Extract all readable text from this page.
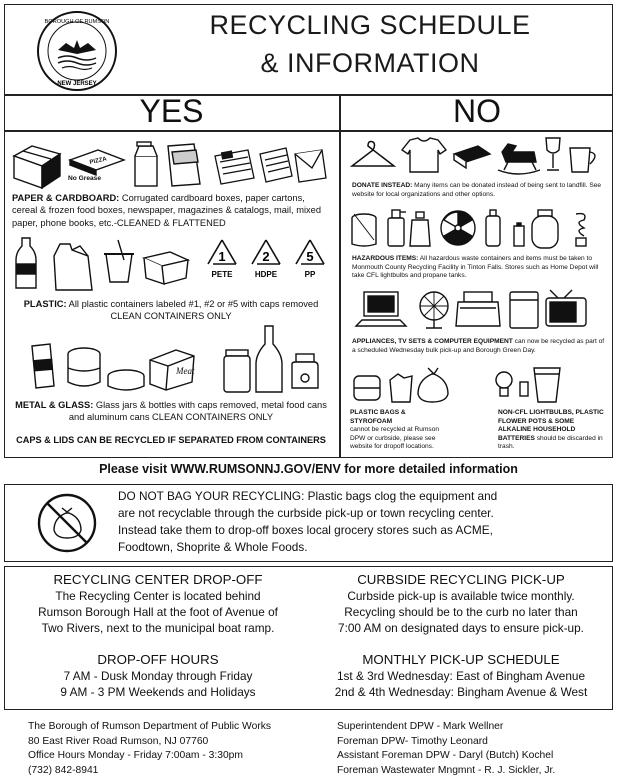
BOROUGH OF RUMSON
NEW JERSEY
RECYCLING SCHEDULE
& INFORMATION
YES	NO
PIZZA
No Grease
PAPER & CARDBOARD: Corrugated cardboard boxes, paper cartons, cereal & frozen food boxes, newspaper, magazines & catalogs, mail, mixed paper, phone books, etc.-CLEANED & FLATTENED
1	2	5
PETE	HDPE	PP
PLASTIC: All plastic containers labeled #1, #2 or #5 with caps removed
CLEAN CONTAINERS ONLY
Meat
METAL & GLASS: Glass jars & bottles with caps removed, metal food cans and aluminum cans CLEAN CONTAINERS ONLY
CAPS & LIDS CAN BE RECYCLED IF SEPARATED FROM CONTAINERS
DONATE INSTEAD: Many items can be donated instead of being sent to landfill. See website for local organizations and other options.
HAZARDOUS ITEMS: All hazardous waste containers and items must be taken to Monmouth County Recycling Facility in Tinton Falls. Stores such as Home Depot will take CFL lightbulbs and propane tanks.
APPLIANCES, TV SETS & COMPUTER EQUIPMENT can now be recycled as part of a scheduled Wednesday bulk pick-up and Borough Green Day.
PLASTIC BAGS & STYROFOAM
cannot be recycled at Rumson DPW or curbside, please see website for dropoff locations.
NON-CFL LIGHTBULBS, PLASTIC FLOWER POTS & SOME ALKALINE HOUSEHOLD BATTERIES should be discarded in trash.
Please visit WWW.RUMSONNJ.GOV/ENV for more detailed information
DO NOT BAG YOUR RECYCLING: Plastic bags clog the equipment and
are not recyclable through the curbside pick-up or town recycling center.
Instead take them to drop-off boxes local grocery stores such as ACME,
Foodtown, Shoprite & Whole Foods.
RECYCLING CENTER DROP-OFF
The Recycling Center is located behind
Rumson Borough Hall at the foot of Avenue of
Two Rivers, next to the municipal boat ramp.
CURBSIDE RECYCLING PICK-UP
Curbside pick-up is available twice monthly.
Recycling should be to the curb no later than
7:00 AM on designated days to ensure pick-up.
DROP-OFF HOURS
7 AM - Dusk Monday through Friday
9 AM - 3 PM Weekends and Holidays
MONTHLY PICK-UP SCHEDULE
1st & 3rd Wednesday: East of Bingham Avenue
2nd & 4th Wednesday: Bingham Avenue & West
The Borough of Rumson Department of Public Works
80 East River Road Rumson, NJ 07760
Office Hours Monday - Friday 7:00am - 3:30pm
(732) 842-8941
Superintendent DPW - Mark Wellner
Foreman DPW- Timothy Leonard
Assistant Foreman DPW - Daryl (Butch) Kochel
Foreman Wastewater Mngmnt - R. J. Sickler, Jr.
